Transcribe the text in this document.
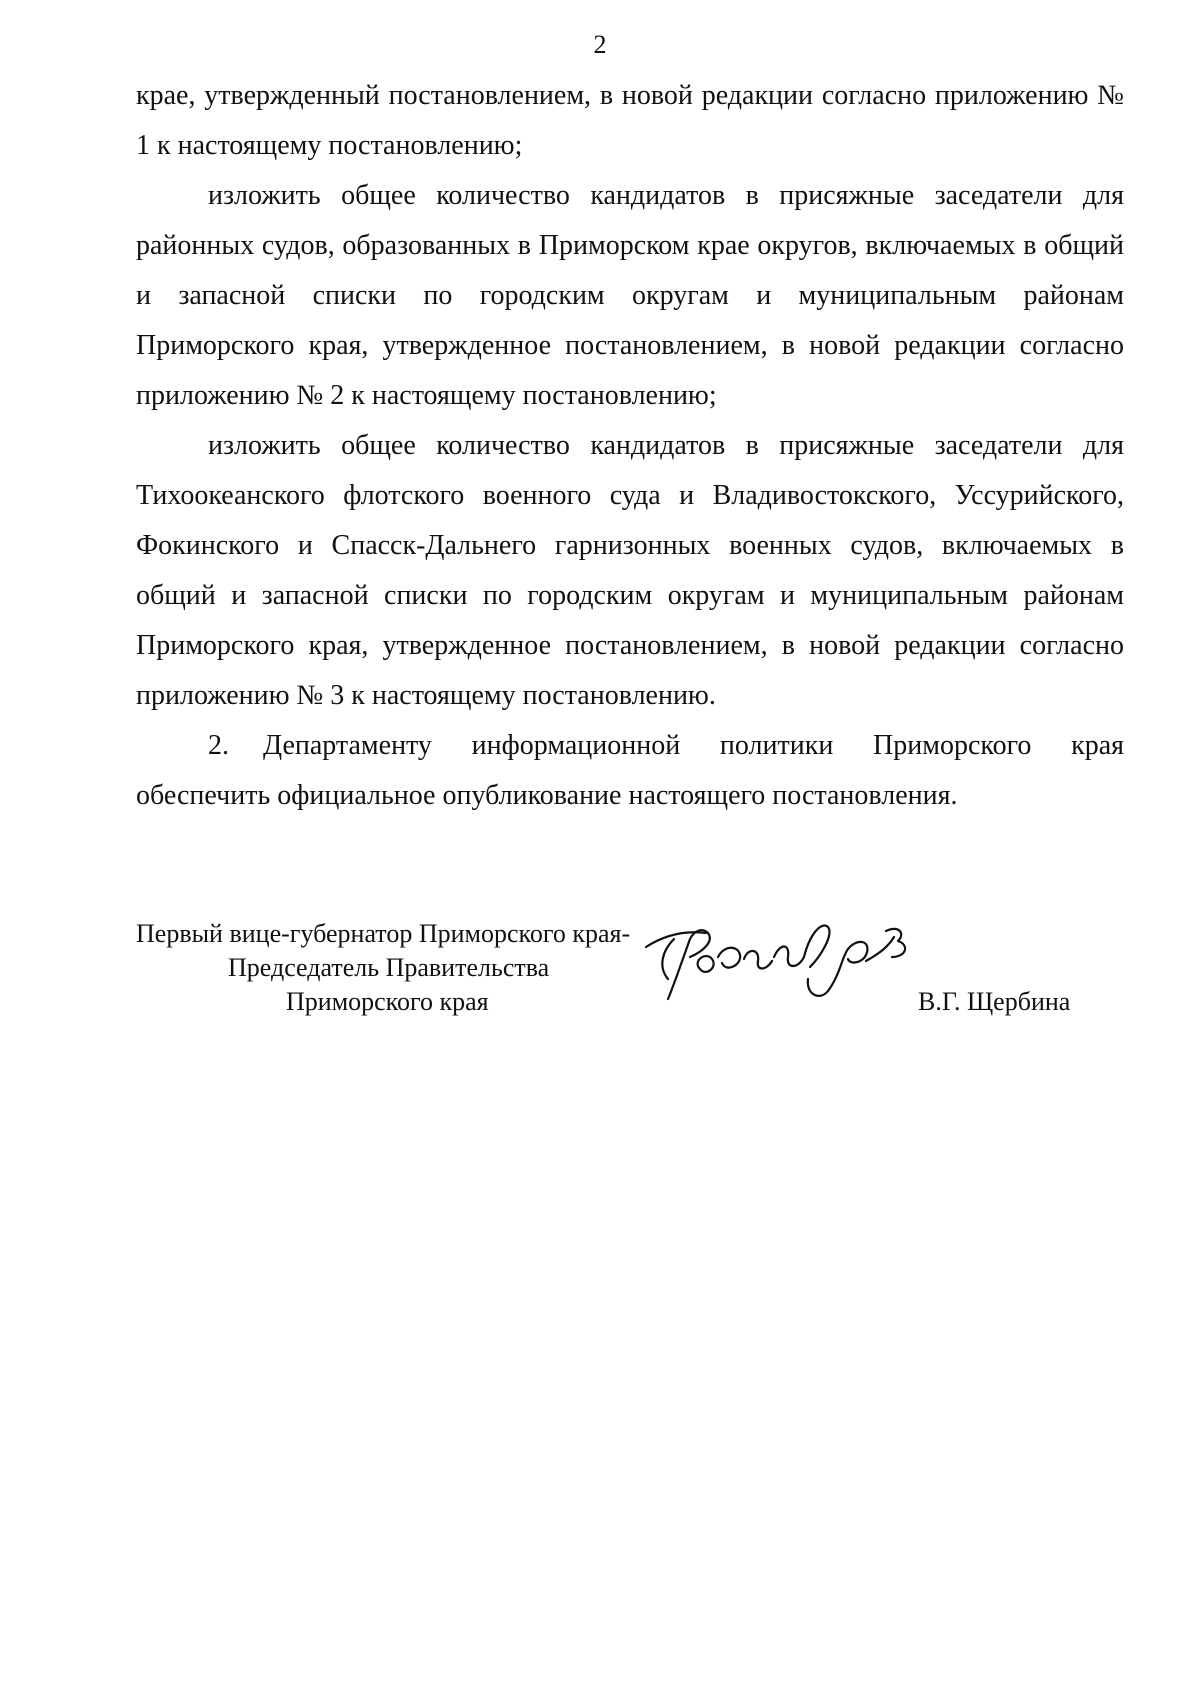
2

крае, утвержденный постановлением, в новой редакции согласно приложению № 1 к настоящему постановлению;

изложить общее количество кандидатов в присяжные заседатели для районных судов, образованных в Приморском крае округов, включаемых в общий и запасной списки по городским округам и муниципальным районам Приморского края, утвержденное постановлением, в новой редакции согласно приложению № 2 к настоящему постановлению;

изложить общее количество кандидатов в присяжные заседатели для Тихоокеанского флотского военного суда и Владивостокского, Уссурийского, Фокинского и Спасск-Дальнего гарнизонных военных судов, включаемых в общий и запасной списки по городским округам и муниципальным районам Приморского края, утвержденное постановлением, в новой редакции согласно приложению № 3 к настоящему постановлению.

2. Департаменту информационной политики Приморского края обеспечить официальное опубликование настоящего постановления.

Первый вице-губернатор Приморского края-
Председатель Правительства
Приморского края	В.Г. Щербина
